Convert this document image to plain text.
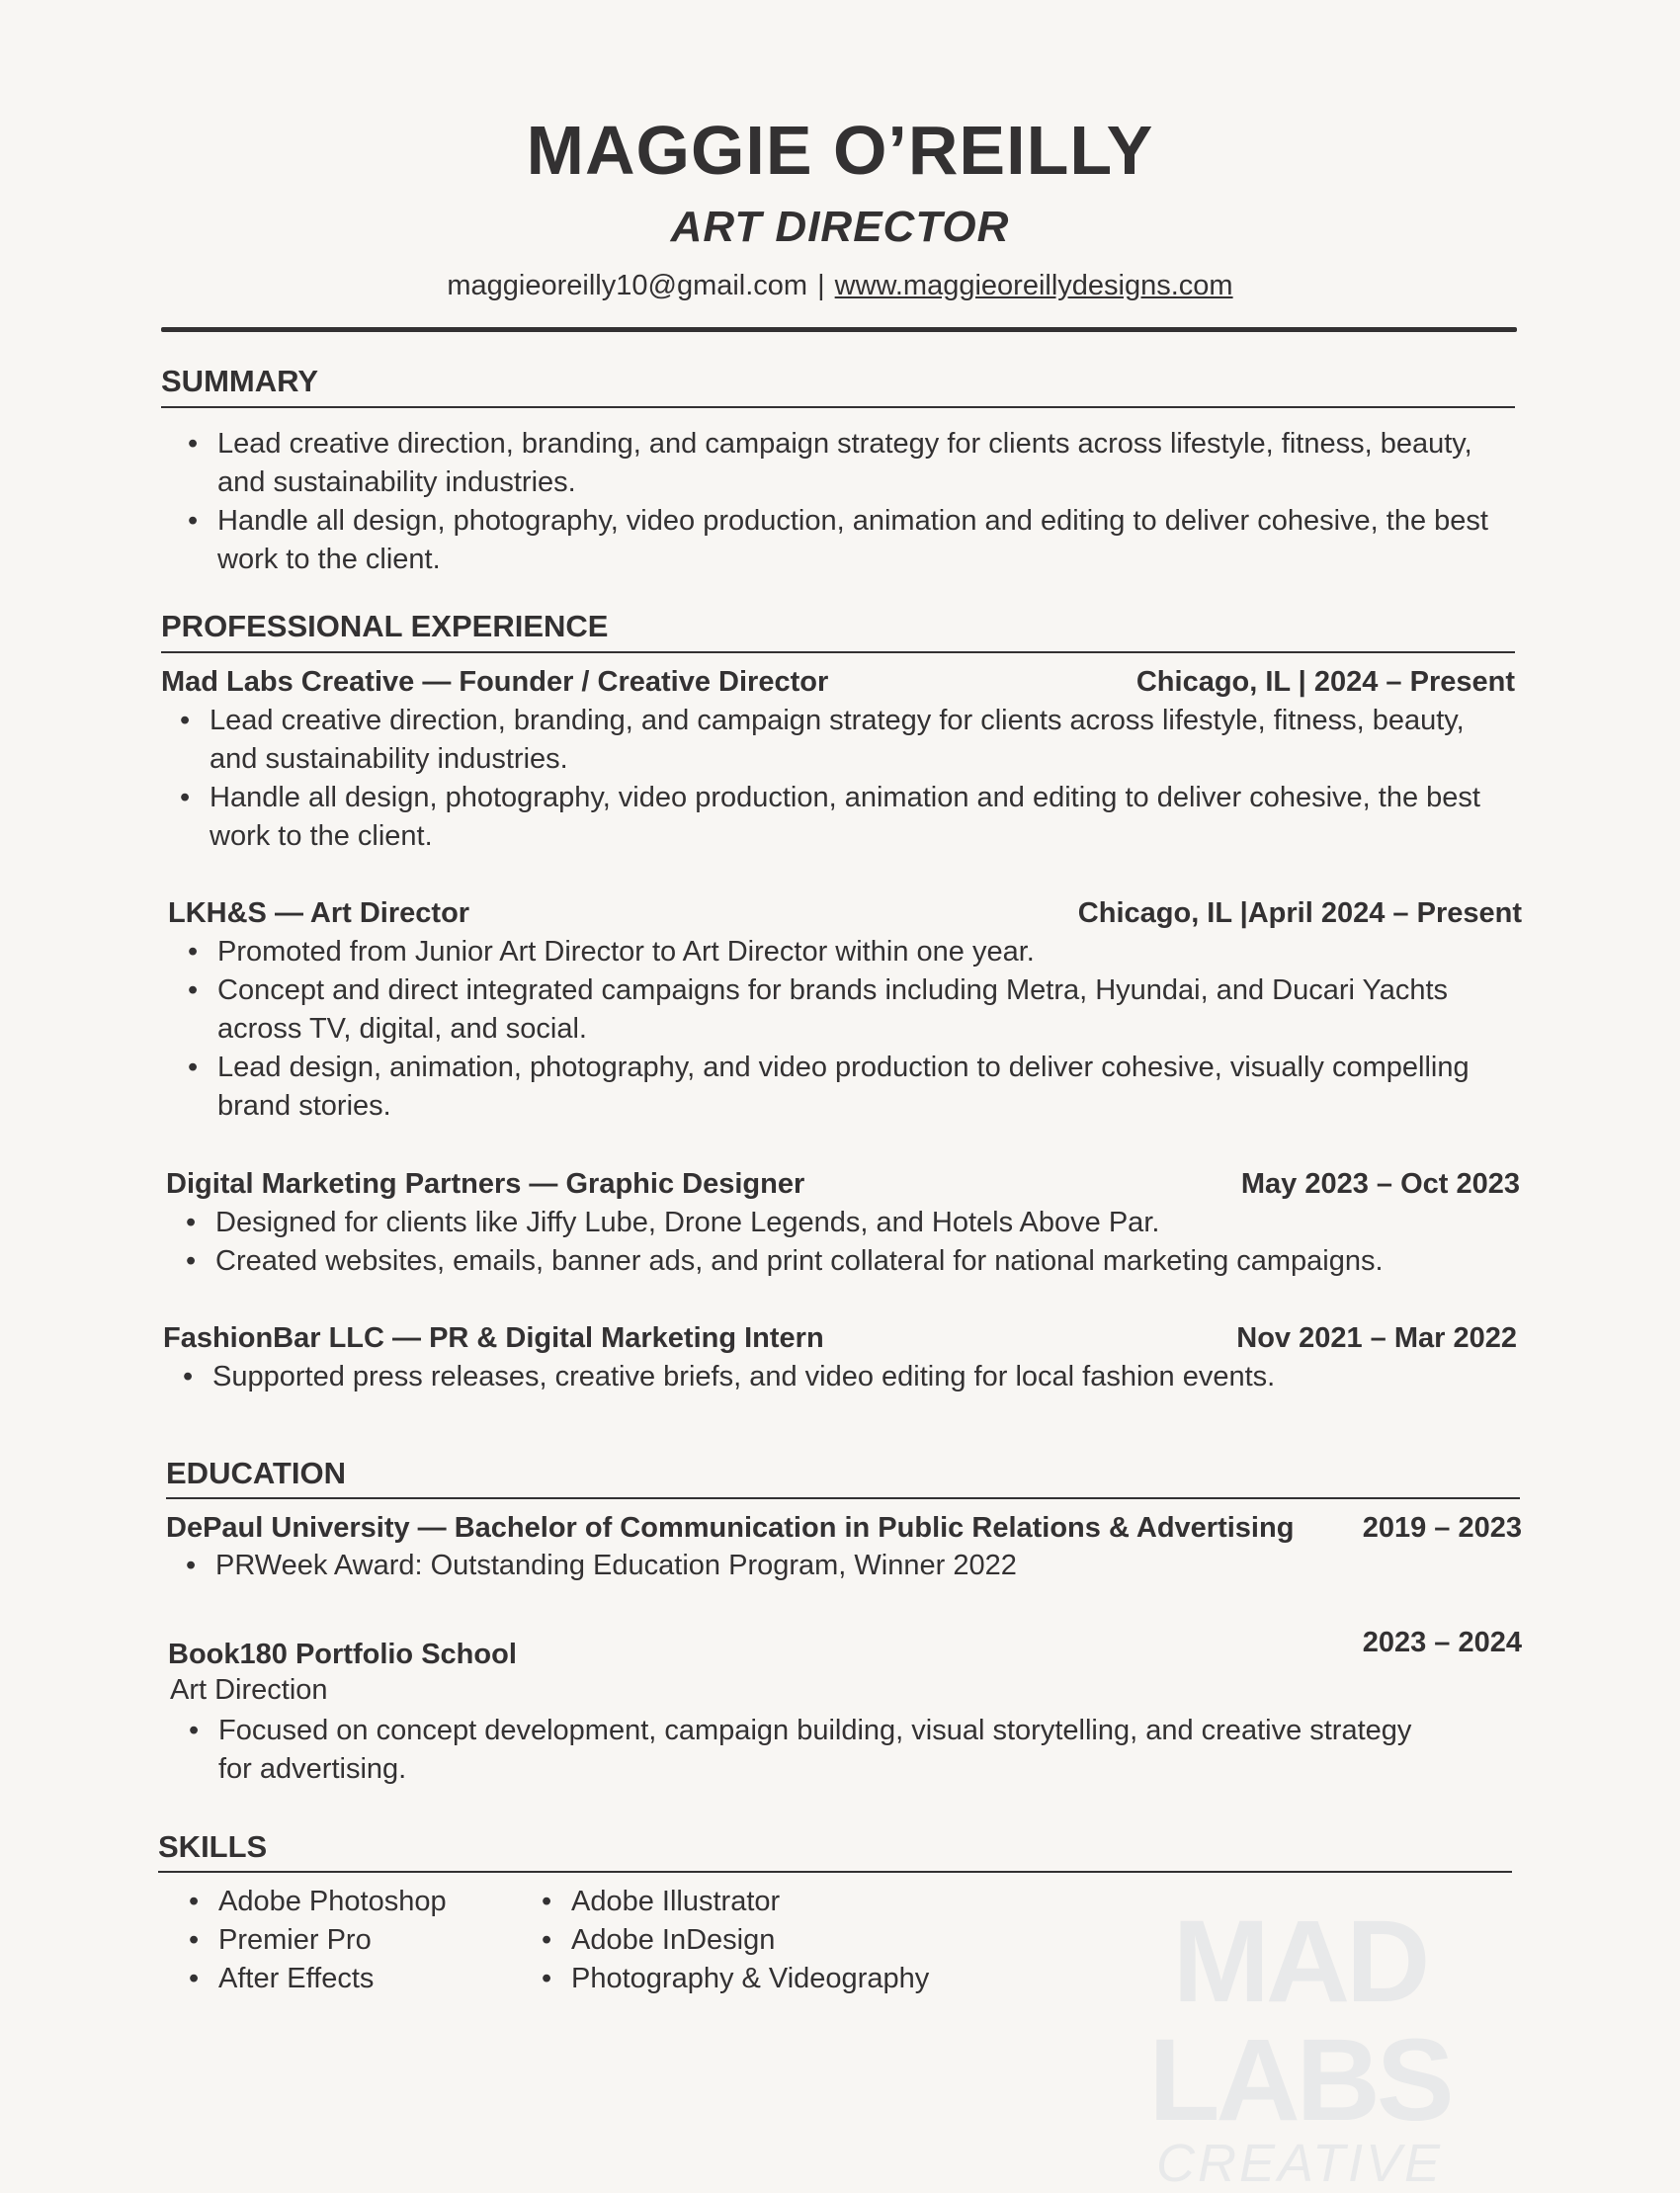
MAGGIE O’REILLY
ART DIRECTOR
maggieoreilly10@gmail.com | www.maggieoreillydesigns.com
SUMMARY
• Lead creative direction, branding, and campaign strategy for clients across lifestyle, fitness, beauty, and sustainability industries.
• Handle all design, photography, video production, animation and editing to deliver cohesive, the best work to the client.
PROFESSIONAL EXPERIENCE
Mad Labs Creative — Founder / Creative Director	Chicago, IL | 2024 – Present
• Lead creative direction, branding, and campaign strategy for clients across lifestyle, fitness, beauty, and sustainability industries.
• Handle all design, photography, video production, animation and editing to deliver cohesive, the best work to the client.
LKH&S — Art Director	Chicago, IL |April 2024 – Present
• Promoted from Junior Art Director to Art Director within one year.
• Concept and direct integrated campaigns for brands including Metra, Hyundai, and Ducari Yachts across TV, digital, and social.
• Lead design, animation, photography, and video production to deliver cohesive, visually compelling brand stories.
Digital Marketing Partners — Graphic Designer	May 2023 – Oct 2023
• Designed for clients like Jiffy Lube, Drone Legends, and Hotels Above Par.
• Created websites, emails, banner ads, and print collateral for national marketing campaigns.
FashionBar LLC — PR & Digital Marketing Intern	Nov 2021 – Mar 2022
• Supported press releases, creative briefs, and video editing for local fashion events.
EDUCATION
DePaul University — Bachelor of Communication in Public Relations & Advertising 2019 – 2023
• PRWeek Award: Outstanding Education Program, Winner 2022
2023 – 2024
Book180 Portfolio School
Art Direction
• Focused on concept development, campaign building, visual storytelling, and creative strategy for advertising.
SKILLS
• Adobe Photoshop
• Premier Pro
• After Effects
• Adobe Illustrator
• Adobe InDesign
• Photography & Videography	MAD LABS
CREATIVE
